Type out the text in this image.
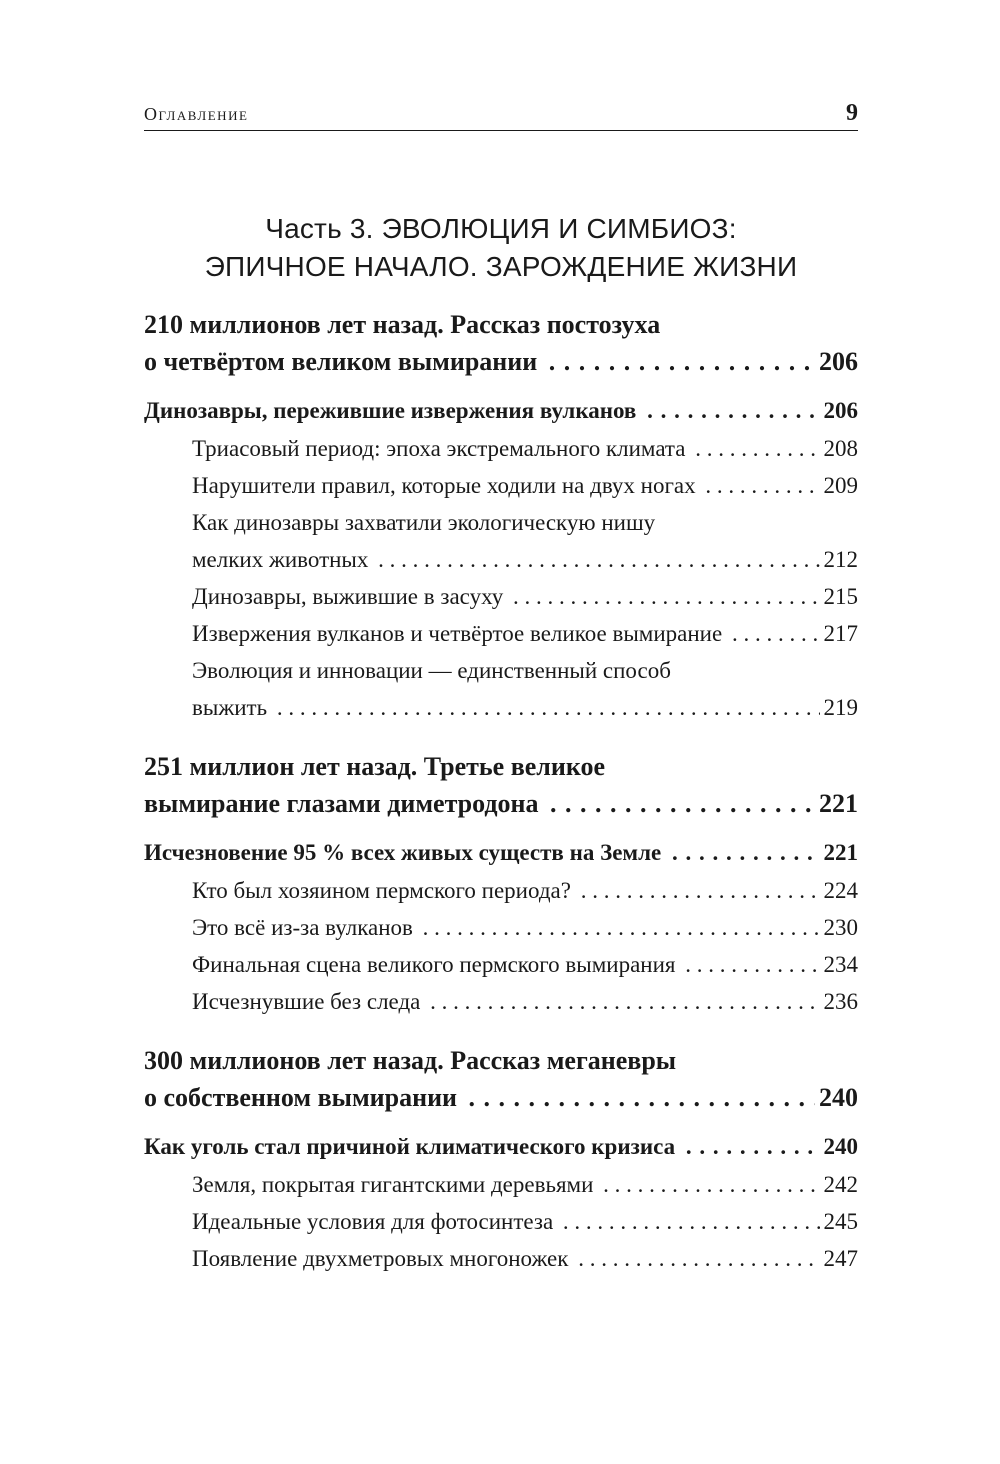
Оглавление	9
Часть 3. ЭВОЛЮЦИЯ И СИМБИОЗ:
ЭПИЧНОЕ НАЧАЛО. ЗАРОЖДЕНИЕ ЖИЗНИ
210 миллионов лет назад. Рассказ постозуха
о четвёртом великом вымирании . . .	206
Динозавры, пережившие извержения вулканов . . .	206
Триасовый период: эпоха экстремального климата . . .	208
Нарушители правил, которые ходили на двух ногах . . .	209
Как динозавры захватили экологическую нишу
мелких животных . . .	212
Динозавры, выжившие в засуху . . .	215
Извержения вулканов и четвёртое великое вымирание . . .	217
Эволюция и инновации — единственный способ
выжить . . .	219
251 миллион лет назад. Третье великое
вымирание глазами диметродона . . .	221
Исчезновение 95 % всех живых существ на Земле . . .	221
Кто был хозяином пермского периода? . . .	224
Это всё из-за вулканов . . .	230
Финальная сцена великого пермского вымирания . . .	234
Исчезнувшие без следа . . .	236
300 миллионов лет назад. Рассказ меганевры
о собственном вымирании . . .	240
Как уголь стал причиной климатического кризиса . . .	240
Земля, покрытая гигантскими деревьями . . .	242
Идеальные условия для фотосинтеза . . .	245
Появление двухметровых многоножек . . .	247
